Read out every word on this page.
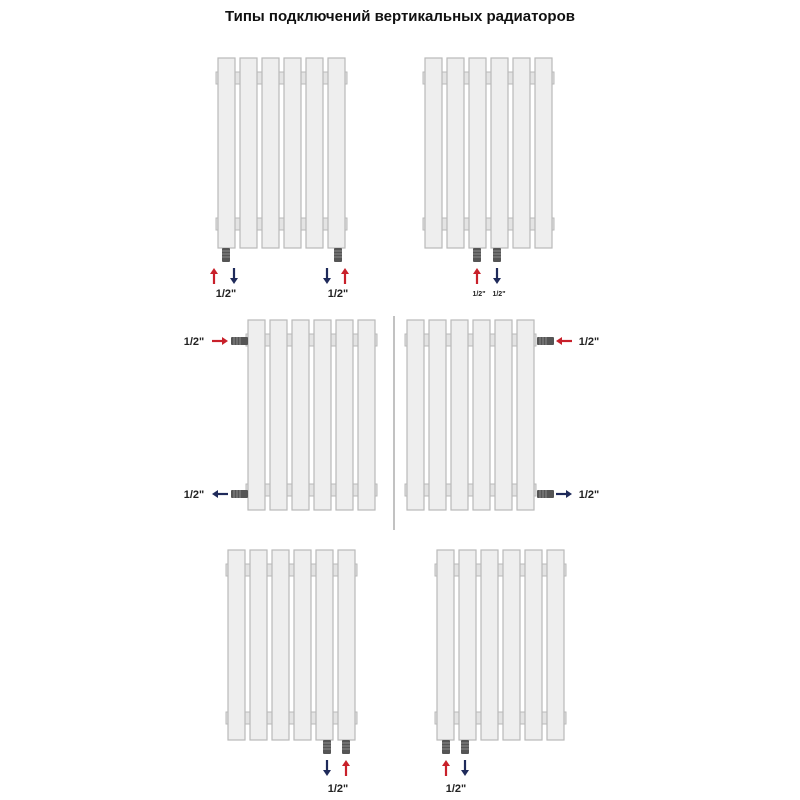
Типы подключений вертикальных радиаторов
1/2"	1/2"	1/2" 1/2"
1/2"
1/2"
1/2"
1/2"
1/2"	1/2"
